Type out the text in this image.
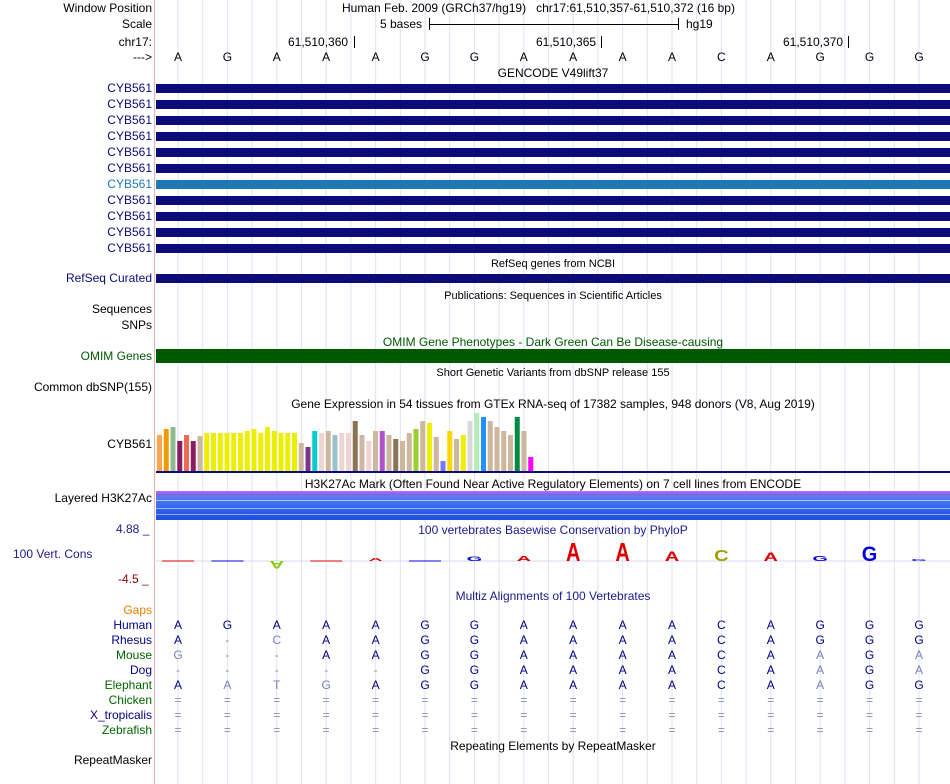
Window Position	Human Feb. 2009 (GRCh37/hg19) chr17:61,510,357-61,510,372 (16 bp)
Scale	5 bases	hg19
chr17:	61,510,360	61,510,365	61,510,370
--->	A	G	A	A	A	G	G	A	A	A	A	C	A	G	G	G
GENCODE V49lift37
CYB561
CYB561
CYB561
CYB561
CYB561
CYB561
CYB561
CYB561
CYB561
CYB561
CYB561
RefSeq genes from NCBI
RefSeq Curated
Publications: Sequences in Scientific Articles
Sequences
SNPs
OMIM Gene Phenotypes - Dark Green Can Be Disease-causing
OMIM Genes
Short Genetic Variants from dbSNP release 155
Common dbSNP(155)
Gene Expression in 54 tissues from GTEx RNA-seq of 17382 samples, 948 donors (V8, Aug 2019)
CYB561
H3K27Ac Mark (Often Found Near Active Regulatory Elements) on 7 cell lines from ENCODE
Layered H3K27Ac
100 vertebrates Basewise Conservation by PhyloP
4.88 _
100 Vert. Cons
-4.5 _
A	A	G A A A A C A G G G
Multiz Alignments of 100 Vertebrates
Gaps
Human	A	G	A	A	A	G	G	A	A	A	A	C	A	G	G	G
Rhesus	A	-	C	A	A	G	G	A	A	A	A	C	A	G	G	G
Mouse	G	-	-	A	A	G	G	A	A	A	A	C	A	A	G	A
Dog	-	-	-	-	-	G	G	A	A	A	A	C	A	A	G	A
Elephant	A	A	T	G	A	G	G	A	A	A	A	C	A	A	G	G
Chicken	=	=	=	=	=	=	=	=	=	=	=	=	=	=	=	=
X_tropicalis	=	=	=	=	=	=	=	=	=	=	=	=	=	=	=	=
Zebrafish	=	=	=	=	=	=	=	=	=	=	=	=	=	=	=	=
Repeating Elements by RepeatMasker
RepeatMasker
